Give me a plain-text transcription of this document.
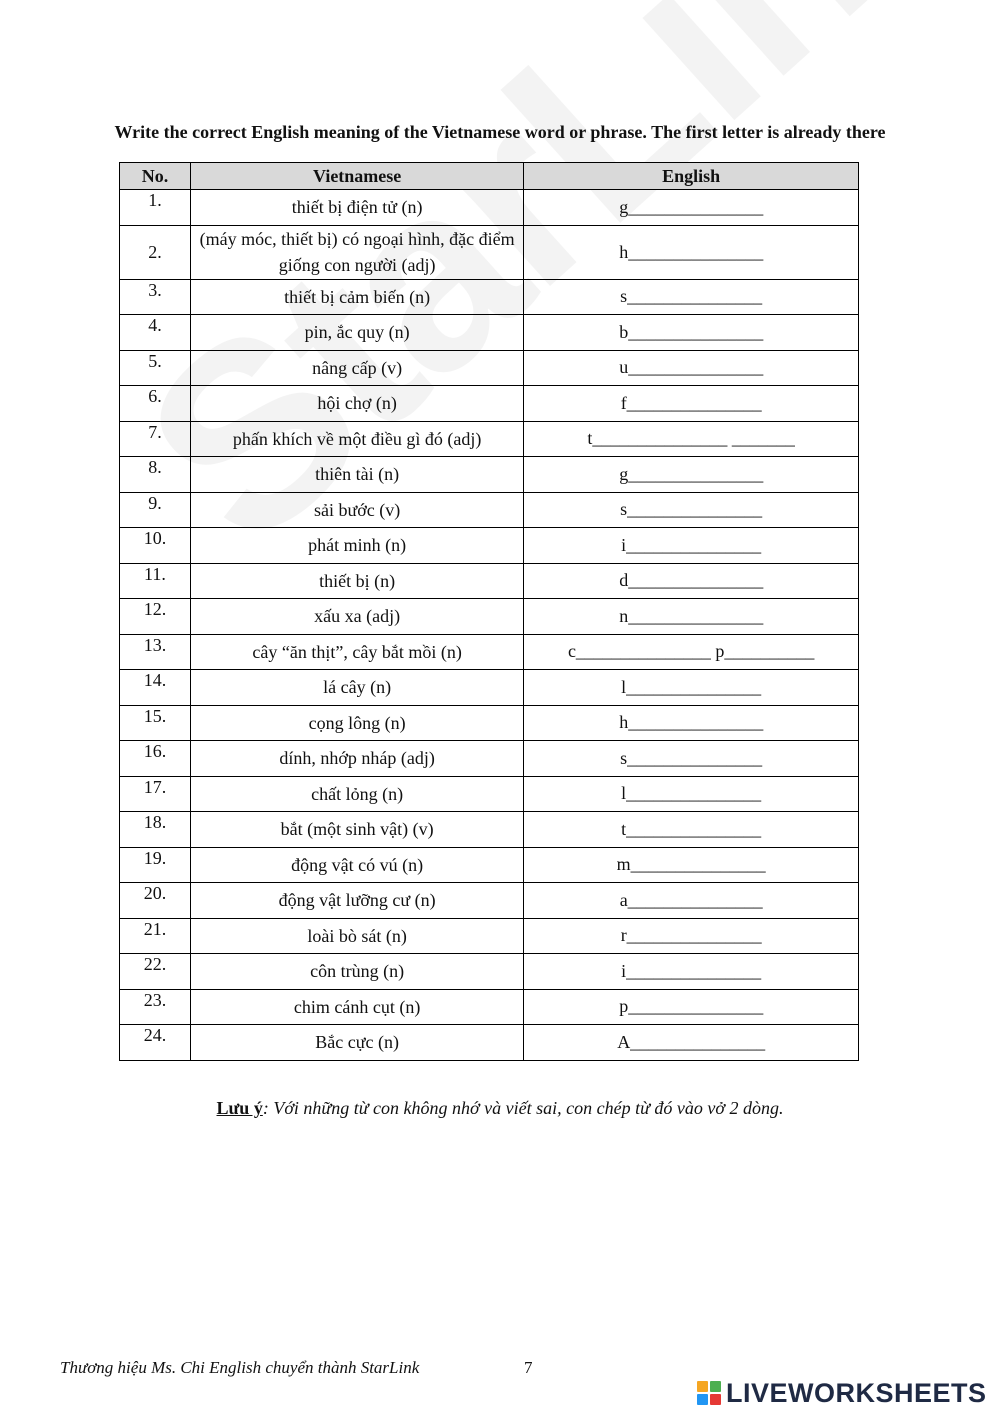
Write the correct English meaning of the Vietnamese word or phrase. The first letter is already there
No.	Vietnamese	English
1.	thiết bị điện tử (n)	g_______________
2.	(máy móc, thiết bị) có ngoại hình, đặc điểm giống con người (adj)	h_______________
3.	thiết bị cảm biến (n)	s_______________
4.	pin, ắc quy (n)	b_______________
5.	nâng cấp (v)	u_______________
6.	hội chợ (n)	f_______________
7.	phấn khích về một điều gì đó (adj)	t_______________ _______
8.	thiên tài (n)	g_______________
9.	sải bước (v)	s_______________
10.	phát minh (n)	i_______________
11.	thiết bị (n)	d_______________
12.	xấu xa (adj)	n_______________
13.	cây “ăn thịt”, cây bắt mồi (n)	c_______________ p__________
14.	lá cây (n)	l_______________
15.	cọng lông (n)	h_______________
16.	dính, nhớp nháp (adj)	s_______________
17.	chất lỏng (n)	l_______________
18.	bắt (một sinh vật) (v)	t_______________
19.	động vật có vú (n)	m_______________
20.	động vật lưỡng cư (n)	a_______________
21.	loài bò sát (n)	r_______________
22.	côn trùng (n)	i_______________
23.	chim cánh cụt (n)	p_______________
24.	Bắc cực (n)	A_______________
Lưu ý: Với những từ con không nhớ và viết sai, con chép từ đó vào vở 2 dòng.
Thương hiệu Ms. Chi English chuyển thành StarLink	7
LIVEWORKSHEETS
